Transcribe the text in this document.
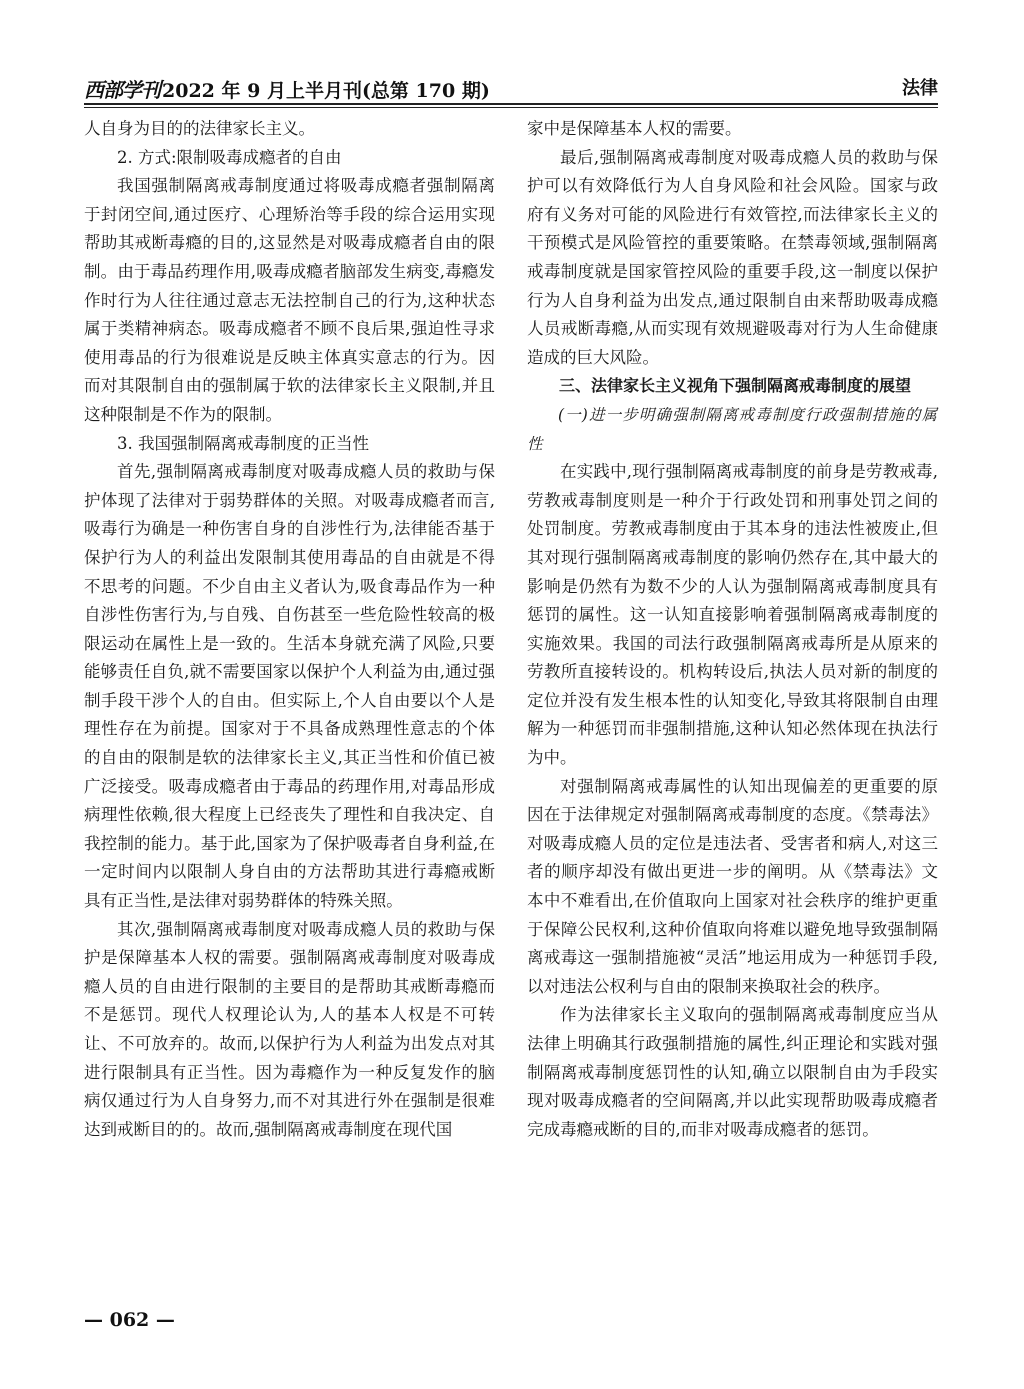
西部学刊 2022 年 9 月上半月刊(总第 170 期)	法律

人自身为目的的法律家长主义。

2. 方式:限制吸毒成瘾者的自由

我国强制隔离戒毒制度通过将吸毒成瘾者强制隔离于封闭空间,通过医疗、心理矫治等手段的综合运用实现帮助其戒断毒瘾的目的,这显然是对吸毒成瘾者自由的限制。由于毒品药理作用,吸毒成瘾者脑部发生病变,毒瘾发作时行为人往往通过意志无法控制自己的行为,这种状态属于类精神病态。吸毒成瘾者不顾不良后果,强迫性寻求使用毒品的行为很难说是反映主体真实意志的行为。因而对其限制自由的强制属于软的法律家长主义限制,并且这种限制是不作为的限制。

3. 我国强制隔离戒毒制度的正当性

首先,强制隔离戒毒制度对吸毒成瘾人员的救助与保护体现了法律对于弱势群体的关照。对吸毒成瘾者而言,吸毒行为确是一种伤害自身的自涉性行为,法律能否基于保护行为人的利益出发限制其使用毒品的自由就是不得不思考的问题。不少自由主义者认为,吸食毒品作为一种自涉性伤害行为,与自残、自伤甚至一些危险性较高的极限运动在属性上是一致的。生活本身就充满了风险,只要能够责任自负,就不需要国家以保护个人利益为由,通过强制手段干涉个人的自由。但实际上,个人自由要以个人是理性存在为前提。国家对于不具备成熟理性意志的个体的自由的限制是软的法律家长主义,其正当性和价值已被广泛接受。吸毒成瘾者由于毒品的药理作用,对毒品形成病理性依赖,很大程度上已经丧失了理性和自我决定、自我控制的能力。基于此,国家为了保护吸毒者自身利益,在一定时间内以限制人身自由的方法帮助其进行毒瘾戒断具有正当性,是法律对弱势群体的特殊关照。

其次,强制隔离戒毒制度对吸毒成瘾人员的救助与保护是保障基本人权的需要。强制隔离戒毒制度对吸毒成瘾人员的自由进行限制的主要目的是帮助其戒断毒瘾而不是惩罚。现代人权理论认为,人的基本人权是不可转让、不可放弃的。故而,以保护行为人利益为出发点对其进行限制具有正当性。因为毒瘾作为一种反复发作的脑病仅通过行为人自身努力,而不对其进行外在强制是很难达到戒断目的的。故而,强制隔离戒毒制度在现代国

家中是保障基本人权的需要。

最后,强制隔离戒毒制度对吸毒成瘾人员的救助与保护可以有效降低行为人自身风险和社会风险。国家与政府有义务对可能的风险进行有效管控,而法律家长主义的干预模式是风险管控的重要策略。在禁毒领域,强制隔离戒毒制度就是国家管控风险的重要手段,这一制度以保护行为人自身利益为出发点,通过限制自由来帮助吸毒成瘾人员戒断毒瘾,从而实现有效规避吸毒对行为人生命健康造成的巨大风险。

三、法律家长主义视角下强制隔离戒毒制度的展望

(一)进一步明确强制隔离戒毒制度行政强制措施的属性

在实践中,现行强制隔离戒毒制度的前身是劳教戒毒,劳教戒毒制度则是一种介于行政处罚和刑事处罚之间的处罚制度。劳教戒毒制度由于其本身的违法性被废止,但其对现行强制隔离戒毒制度的影响仍然存在,其中最大的影响是仍然有为数不少的人认为强制隔离戒毒制度具有惩罚的属性。这一认知直接影响着强制隔离戒毒制度的实施效果。我国的司法行政强制隔离戒毒所是从原来的劳教所直接转设的。机构转设后,执法人员对新的制度的定位并没有发生根本性的认知变化,导致其将限制自由理解为一种惩罚而非强制措施,这种认知必然体现在执法行为中。

对强制隔离戒毒属性的认知出现偏差的更重要的原因在于法律规定对强制隔离戒毒制度的态度。《禁毒法》对吸毒成瘾人员的定位是违法者、受害者和病人,对这三者的顺序却没有做出更进一步的阐明。从《禁毒法》文本中不难看出,在价值取向上国家对社会秩序的维护更重于保障公民权利,这种价值取向将难以避免地导致强制隔离戒毒这一强制措施被“灵活”地运用成为一种惩罚手段,以对违法公权利与自由的限制来换取社会的秩序。

作为法律家长主义取向的强制隔离戒毒制度应当从法律上明确其行政强制措施的属性,纠正理论和实践对强制隔离戒毒制度惩罚性的认知,确立以限制自由为手段实现对吸毒成瘾者的空间隔离,并以此实现帮助吸毒成瘾者完成毒瘾戒断的目的,而非对吸毒成瘾者的惩罚。

— 062 —
